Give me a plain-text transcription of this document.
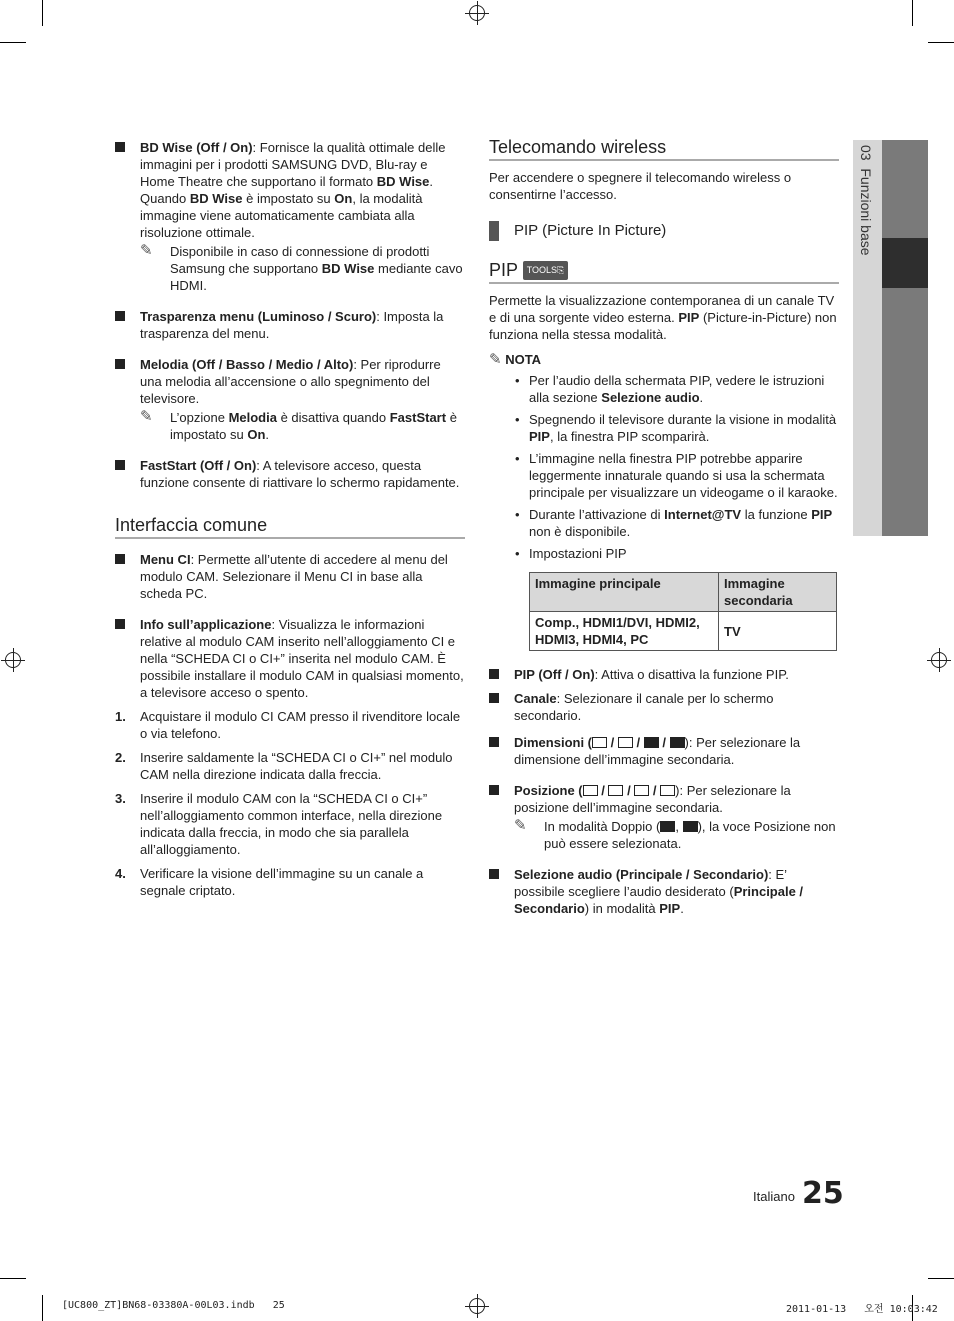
03  Funzioni base
BD Wise (Off / On): Fornisce la qualità ottimale delle immagini per i prodotti SAMSUNG DVD, Blu-ray e Home Theatre che supportano il formato BD Wise. Quando BD Wise è impostato su On, la modalità immagine viene automaticamente cambiata alla risoluzione ottimale.
✎ Disponibile in caso di connessione di prodotti Samsung che supportano BD Wise mediante cavo HDMI.
Trasparenza menu (Luminoso / Scuro): Imposta la trasparenza del menu.
Melodia (Off / Basso / Medio / Alto): Per riprodurre una melodia all’accensione o allo spegnimento del televisore.
✎ L’opzione Melodia è disattiva quando FastStart è impostato su On.
FastStart (Off / On): A televisore acceso, questa funzione consente di riattivare lo schermo rapidamente.
Interfaccia comune
Menu CI: Permette all’utente di accedere al menu del modulo CAM. Selezionare il Menu CI in base alla scheda PC.
Info sull’applicazione: Visualizza le informazioni relative al modulo CAM inserito nell’alloggiamento CI e nella “SCHEDA CI o CI+” inserita nel modulo CAM. È possibile installare il modulo CAM in qualsiasi momento, a televisore acceso o spento.
1. Acquistare il modulo CI CAM presso il rivenditore locale o via telefono.
2. Inserire saldamente la “SCHEDA CI o CI+” nel modulo CAM nella direzione indicata dalla freccia.
3. Inserire il modulo CAM con la “SCHEDA CI o CI+” nell’alloggiamento common interface, nella direzione indicata dalla freccia, in modo che sia parallela all’alloggiamento.
4. Verificare la visione dell’immagine su un canale a segnale criptato.
Telecomando wireless
Per accendere o spegnere il telecomando wireless o consentirne l’accesso.
PIP (Picture In Picture)
PIP TOOLS⎘
Permette la visualizzazione contemporanea di un canale TV e di una sorgente video esterna. PIP (Picture-in-Picture) non funziona nella stessa modalità.
✎ NOTA
• Per l’audio della schermata PIP, vedere le istruzioni alla sezione Selezione audio.
• Spegnendo il televisore durante la visione in modalità PIP, la finestra PIP scomparirà.
• L’immagine nella finestra PIP potrebbe apparire leggermente innaturale quando si usa la schermata principale per visualizzare un videogame o il karaoke.
• Durante l’attivazione di Internet@TV la funzione PIP non è disponibile.
• Impostazioni PIP
Immagine principale	Immagine secondaria
Comp., HDMI1/DVI, HDMI2, HDMI3, HDMI4, PC	TV
PIP (Off / On): Attiva o disattiva la funzione PIP.
Canale: Selezionare il canale per lo schermo secondario.
Dimensioni ( /  /  / ): Per selezionare la dimensione dell’immagine secondaria.
Posizione ( /  /  / ): Per selezionare la posizione dell’immagine secondaria.
✎ In modalità Doppio ( , ), la voce Posizione non può essere selezionata.
Selezione audio (Principale / Secondario): E’ possibile scegliere l’audio desiderato (Principale / Secondario) in modalità PIP.
Italiano 25
[UC800_ZT]BN68-03380A-00L03.indb   25	2011-01-13   오전 10:03:42
